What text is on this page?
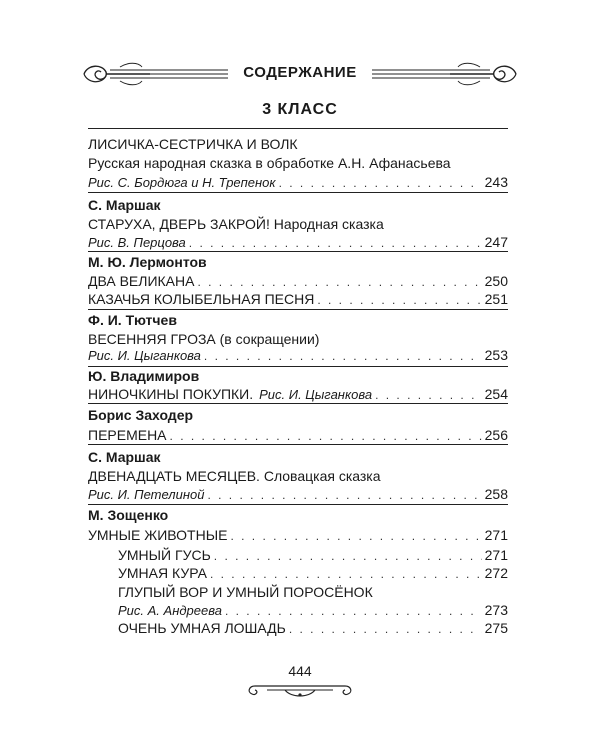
СОДЕРЖАНИЕ
3 КЛАСС
ЛИСИЧКА-СЕСТРИЧКА И ВОЛК
Русская народная сказка в обработке А.Н. Афанасьева
Рис. С. Бордюга и Н. Трепенок . . .	243
С. Маршак
СТАРУХА, ДВЕРЬ ЗАКРОЙ! Народная сказка
Рис. В. Перцова . . .	247
М. Ю. Лермонтов
ДВА ВЕЛИКАНА . . .	250
КАЗАЧЬЯ КОЛЫБЕЛЬНАЯ ПЕСНЯ . . .	251
Ф. И. Тютчев
ВЕСЕННЯЯ ГРОЗА (в сокращении)
Рис. И. Цыганкова . . .	253
Ю. Владимиров
НИНОЧКИНЫ ПОКУПКИ. Рис. И. Цыганкова . . .	254
Борис Заходер
ПЕРЕМЕНА . . .	256
С. Маршак
ДВЕНАДЦАТЬ МЕСЯЦЕВ. Словацкая сказка
Рис. И. Петелиной . . .	258
М. Зощенко
УМНЫЕ ЖИВОТНЫЕ . . .	271
УМНЫЙ ГУСЬ . . .	271
УМНАЯ КУРА . . .	272
ГЛУПЫЙ ВОР И УМНЫЙ ПОРОСЁНОК
Рис. А. Андреева . . .	273
ОЧЕНЬ УМНАЯ ЛОШАДЬ . . .	275
444
